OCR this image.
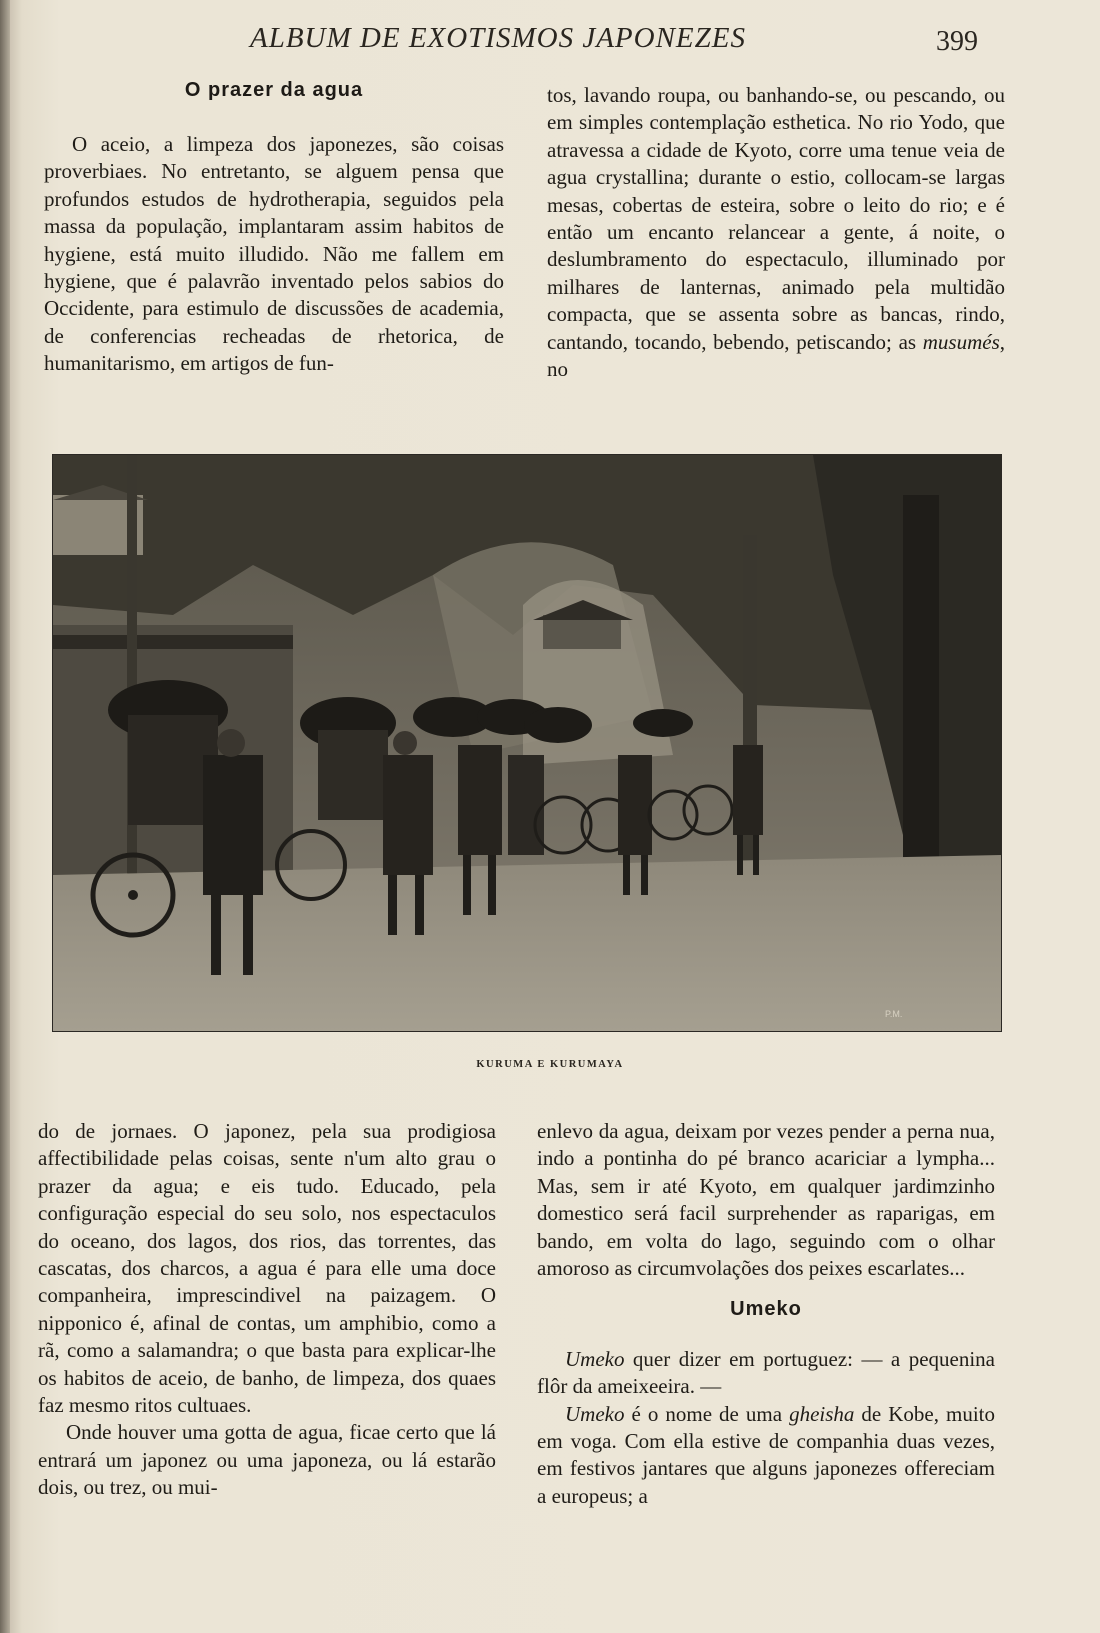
ALBUM DE EXOTISMOS JAPONEZES	399

O prazer da agua

O aceio, a limpeza dos japonezes, são coisas proverbiaes. No entretanto, se alguem pensa que profundos estudos de hydrotherapia, seguidos pela massa da população, implantaram assim habitos de hygiene, está muito illudido. Não me fallem em hygiene, que é palavrão inventado pelos sabios do Occidente, para estimulo de discussões de academia, de conferencias recheadas de rhetorica, de humanitarismo, em artigos de fun-

tos, lavando roupa, ou banhando-se, ou pescando, ou em simples contemplação esthetica. No rio Yodo, que atravessa a cidade de Kyoto, corre uma tenue veia de agua crystallina; durante o estio, collocam-se largas mesas, cobertas de esteira, sobre o leito do rio; e é então um encanto relancear a gente, á noite, o deslumbramento do espectaculo, illuminado por milhares de lanternas, animado pela multidão compacta, que se assenta sobre as bancas, rindo, cantando, tocando, bebendo, petiscando; as musumés, no

P.M.
KURUMA E KURUMAYA

do de jornaes. O japonez, pela sua prodigiosa affectibilidade pelas coisas, sente n'um alto grau o prazer da agua; e eis tudo. Educado, pela configuração especial do seu solo, nos espectaculos do oceano, dos lagos, dos rios, das torrentes, das cascatas, dos charcos, a agua é para elle uma doce companheira, imprescindivel na paizagem. O nipponico é, afinal de contas, um amphibio, como a rã, como a salamandra; o que basta para explicar-lhe os habitos de aceio, de banho, de limpeza, dos quaes faz mesmo ritos cultuaes.

Onde houver uma gotta de agua, ficae certo que lá entrará um japonez ou uma japoneza, ou lá estarão dois, ou trez, ou mui-

enlevo da agua, deixam por vezes pender a perna nua, indo a pontinha do pé branco acariciar a lympha... Mas, sem ir até Kyoto, em qualquer jardimzinho domestico será facil surprehender as raparigas, em bando, em volta do lago, seguindo com o olhar amoroso as circumvolações dos peixes escarlates...

Umeko

Umeko quer dizer em portuguez: — a pequenina flôr da ameixeeira. —

Umeko é o nome de uma gheisha de Kobe, muito em voga. Com ella estive de companhia duas vezes, em festivos jantares que alguns japonezes offereciam a europeus; a
